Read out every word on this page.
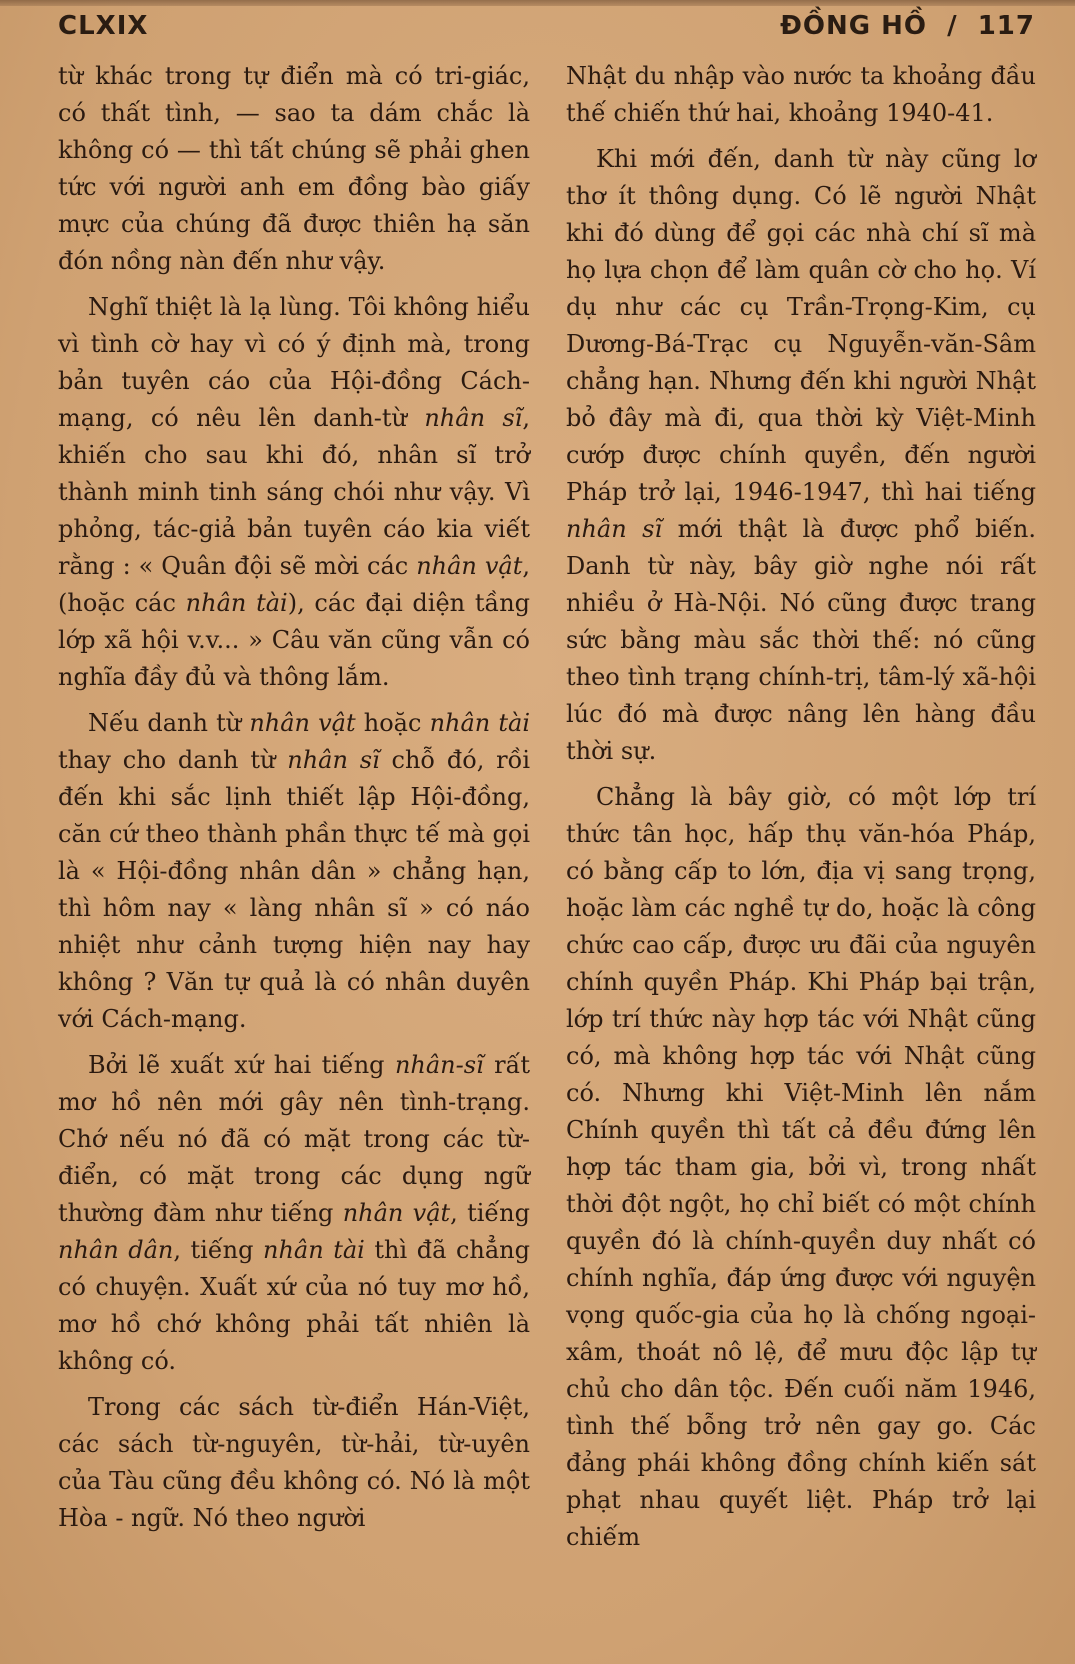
CLXIX	ĐỒNG HỒ  /  117

từ khác trong tự điển mà có tri-giác, có thất tình, — sao ta dám chắc là không có — thì tất chúng sẽ phải ghen tức với người anh em đồng bào giấy mực của chúng đã được thiên hạ săn đón nồng nàn đến như vậy.

Nghĩ thiệt là lạ lùng. Tôi không hiểu vì tình cờ hay vì có ý định mà, trong bản tuyên cáo của Hội-đồng Cách-mạng, có nêu lên danh-từ nhân sĩ, khiến cho sau khi đó, nhân sĩ trở thành minh tinh sáng chói như vậy. Vì phỏng, tác-giả bản tuyên cáo kia viết rằng : « Quân đội sẽ mời các nhân vật, (hoặc các nhân tài), các đại diện tầng lớp xã hội v.v... » Câu văn cũng vẫn có nghĩa đầy đủ và thông lắm.

Nếu danh từ nhân vật hoặc nhân tài thay cho danh từ nhân sĩ chỗ đó, rồi đến khi sắc lịnh thiết lập Hội-đồng, căn cứ theo thành phần thực tế mà gọi là « Hội-đồng nhân dân » chẳng hạn, thì hôm nay « làng nhân sĩ » có náo nhiệt như cảnh tượng hiện nay hay không ? Văn tự quả là có nhân duyên với Cách-mạng.

Bởi lẽ xuất xứ hai tiếng nhân-sĩ rất mơ hồ nên mới gây nên tình-trạng. Chớ nếu nó đã có mặt trong các từ-điển, có mặt trong các dụng ngữ thường đàm như tiếng nhân vật, tiếng nhân dân, tiếng nhân tài thì đã chẳng có chuyện. Xuất xứ của nó tuy mơ hồ, mơ hồ chớ không phải tất nhiên là không có.

Trong các sách từ-điển Hán-Việt, các sách từ-nguyên, từ-hải, từ-uyên của Tàu cũng đều không có. Nó là một Hòa - ngữ. Nó theo người

Nhật du nhập vào nước ta khoảng đầu thế chiến thứ hai, khoảng 1940-41.

Khi mới đến, danh từ này cũng lơ thơ ít thông dụng. Có lẽ người Nhật khi đó dùng để gọi các nhà chí sĩ mà họ lựa chọn để làm quân cờ cho họ. Ví dụ như các cụ Trần-Trọng-Kim, cụ Dương-Bá-Trạc cụ Nguyễn-văn-Sâm chẳng hạn. Nhưng đến khi người Nhật bỏ đây mà đi, qua thời kỳ Việt-Minh cướp được chính quyền, đến người Pháp trở lại, 1946-1947, thì hai tiếng nhân sĩ mới thật là được phổ biến. Danh từ này, bây giờ nghe nói rất nhiều ở Hà-Nội. Nó cũng được trang sức bằng màu sắc thời thế: nó cũng theo tình trạng chính-trị, tâm-lý xã-hội lúc đó mà được nâng lên hàng đầu thời sự.

Chẳng là bây giờ, có một lớp trí thức tân học, hấp thụ văn-hóa Pháp, có bằng cấp to lớn, địa vị sang trọng, hoặc làm các nghề tự do, hoặc là công chức cao cấp, được ưu đãi của nguyên chính quyền Pháp. Khi Pháp bại trận, lớp trí thức này hợp tác với Nhật cũng có, mà không hợp tác với Nhật cũng có. Nhưng khi Việt-Minh lên nắm Chính quyền thì tất cả đều đứng lên hợp tác tham gia, bởi vì, trong nhất thời đột ngột, họ chỉ biết có một chính quyền đó là chính-quyền duy nhất có chính nghĩa, đáp ứng được với nguyện vọng quốc-gia của họ là chống ngoại-xâm, thoát nô lệ, để mưu độc lập tự chủ cho dân tộc. Đến cuối năm 1946, tình thế bỗng trở nên gay go. Các đảng phái không đồng chính kiến sát phạt nhau quyết liệt. Pháp trở lại chiếm
